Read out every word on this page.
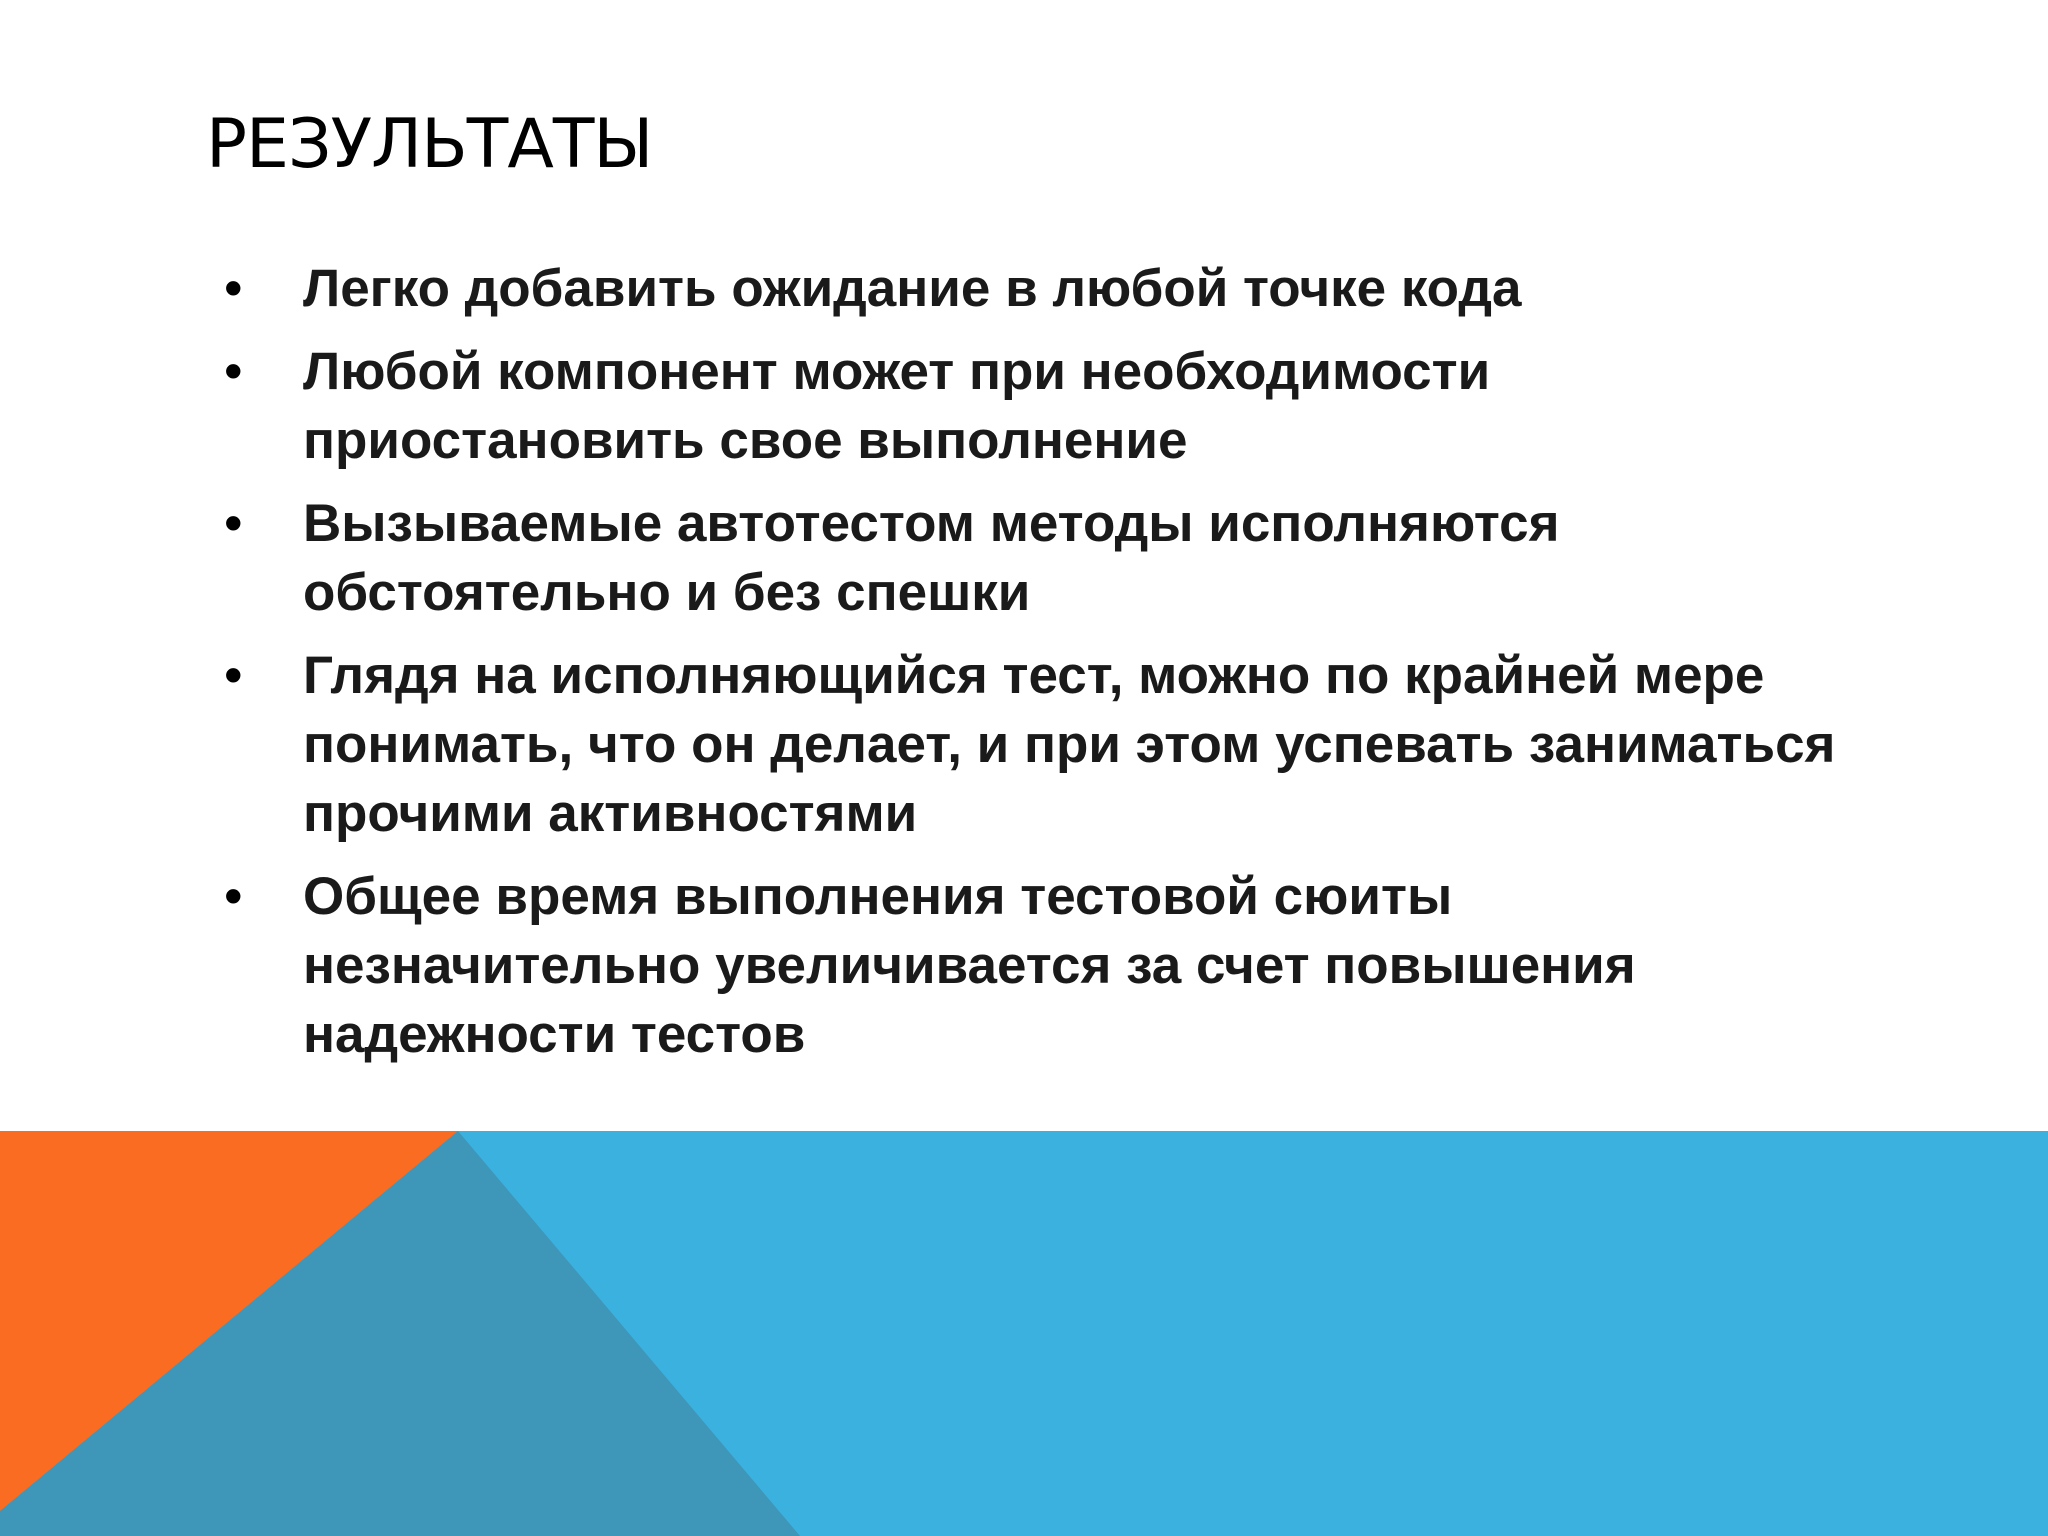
РЕЗУЛЬТАТЫ
• Легко добавить ожидание в любой точке кода
• Любой компонент может при необходимости приостановить свое выполнение
• Вызываемые автотестом методы исполняются обстоятельно и без спешки
• Глядя на исполняющийся тест, можно по крайней мере понимать, что он делает, и при этом успевать заниматься прочими активностями
• Общее время выполнения тестовой сюиты незначительно увеличивается за счет повышения надежности тестов
